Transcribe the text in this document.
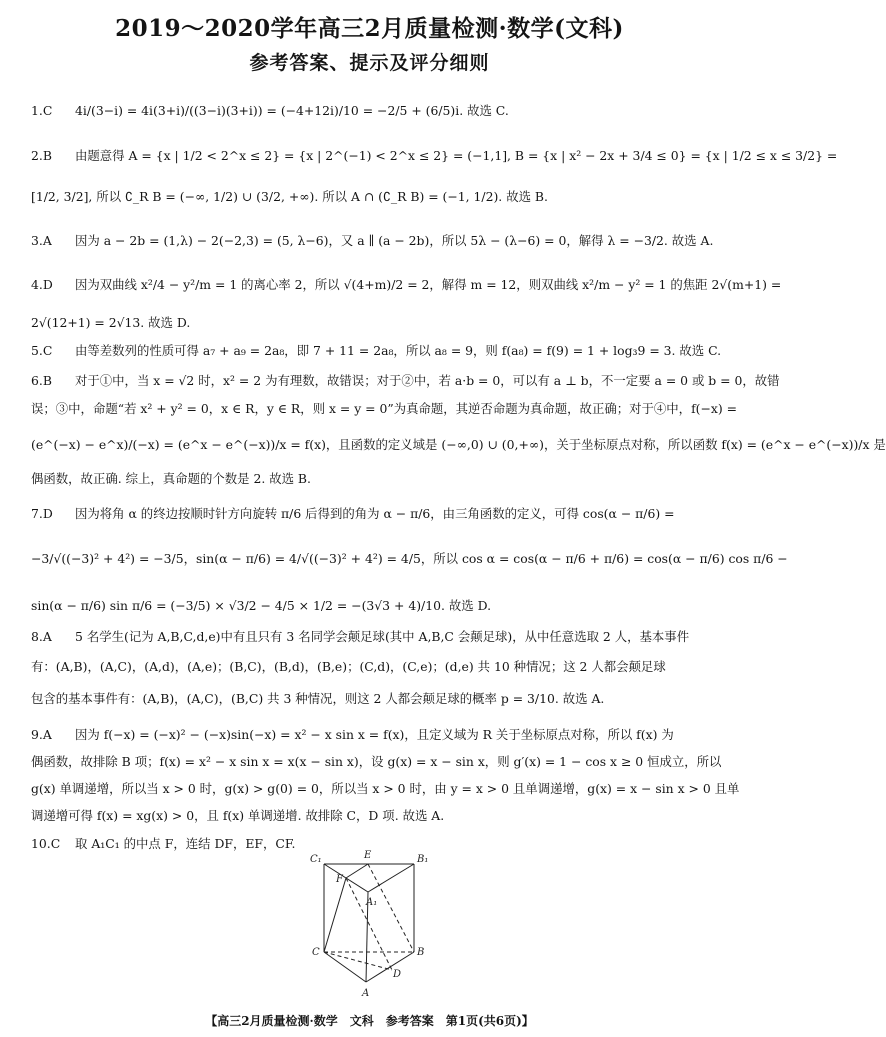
2019～2020学年高三2月质量检测·数学(文科)
参考答案、提示及评分细则
1.C 4i/(3−i) = 4i(3+i)/((3−i)(3+i)) = (−4+12i)/10 = −2/5 + (6/5)i. 故选 C.
2.B 由题意得 A = {x | 1/2 < 2^x ≤ 2} = {x | 2^(−1) < 2^x ≤ 2} = (−1,1], B = {x | x² − 2x + 3/4 ≤ 0} = {x | 1/2 ≤ x ≤ 3/2} =
[1/2, 3/2], 所以 ∁_R B = (−∞, 1/2) ∪ (3/2, +∞). 所以 A ∩ (∁_R B) = (−1, 1/2). 故选 B.
3.A 因为 a − 2b = (1,λ) − 2(−2,3) = (5, λ−6)，又 a ∥ (a − 2b)，所以 5λ − (λ−6) = 0，解得 λ = −3/2. 故选 A.
4.D 因为双曲线 x²/4 − y²/m = 1 的离心率 2，所以 √(4+m)/2 = 2，解得 m = 12，则双曲线 x²/m − y² = 1 的焦距 2√(m+1) =
2√(12+1) = 2√13. 故选 D.
5.C 由等差数列的性质可得 a₇ + a₉ = 2a₈，即 7 + 11 = 2a₈，所以 a₈ = 9，则 f(a₈) = f(9) = 1 + log₃9 = 3. 故选 C.
6.B 对于①中，当 x = √2 时，x² = 2 为有理数，故错误；对于②中，若 a·b = 0，可以有 a ⊥ b，不一定要 a = 0 或 b = 0，故错
误；③中，命题“若 x² + y² = 0，x ∈ R，y ∈ R，则 x = y = 0”为真命题，其逆否命题为真命题，故正确；对于④中，f(−x) =
(e^(−x) − e^x)/(−x) = (e^x − e^(−x))/x = f(x)，且函数的定义域是 (−∞,0) ∪ (0,+∞)，关于坐标原点对称，所以函数 f(x) = (e^x − e^(−x))/x 是
偶函数，故正确. 综上，真命题的个数是 2. 故选 B.
7.D 因为将角 α 的终边按顺时针方向旋转 π/6 后得到的角为 α − π/6，由三角函数的定义，可得 cos(α − π/6) =
−3/√((−3)² + 4²) = −3/5，sin(α − π/6) = 4/√((−3)² + 4²) = 4/5，所以 cos α = cos(α − π/6 + π/6) = cos(α − π/6) cos π/6 −
sin(α − π/6) sin π/6 = (−3/5) × √3/2 − 4/5 × 1/2 = −(3√3 + 4)/10. 故选 D.
8.A 5 名学生(记为 A,B,C,d,e)中有且只有 3 名同学会颠足球(其中 A,B,C 会颠足球)，从中任意选取 2 人，基本事件
有：(A,B)，(A,C)，(A,d)，(A,e)；(B,C)，(B,d)，(B,e)；(C,d)，(C,e)；(d,e) 共 10 种情况；这 2 人都会颠足球
包含的基本事件有：(A,B)，(A,C)，(B,C) 共 3 种情况，则这 2 人都会颠足球的概率 p = 3/10. 故选 A.
9.A 因为 f(−x) = (−x)² − (−x)sin(−x) = x² − x sin x = f(x)，且定义域为 R 关于坐标原点对称，所以 f(x) 为
偶函数，故排除 B 项；f(x) = x² − x sin x = x(x − sin x)，设 g(x) = x − sin x，则 g′(x) = 1 − cos x ≥ 0 恒成立，所以
g(x) 单调递增，所以当 x > 0 时，g(x) > g(0) = 0，所以当 x > 0 时，由 y = x > 0 且单调递增，g(x) = x − sin x > 0 且单
调递增可得 f(x) = xg(x) > 0，且 f(x) 单调递增. 故排除 C，D 项. 故选 A.
10.C 取 A₁C₁ 的中点 F，连结 DF，EF，CF.
C₁	E	B₁
F
A₁
C	B
D
A
【高三2月质量检测·数学　文科　参考答案　第1页(共6页)】
